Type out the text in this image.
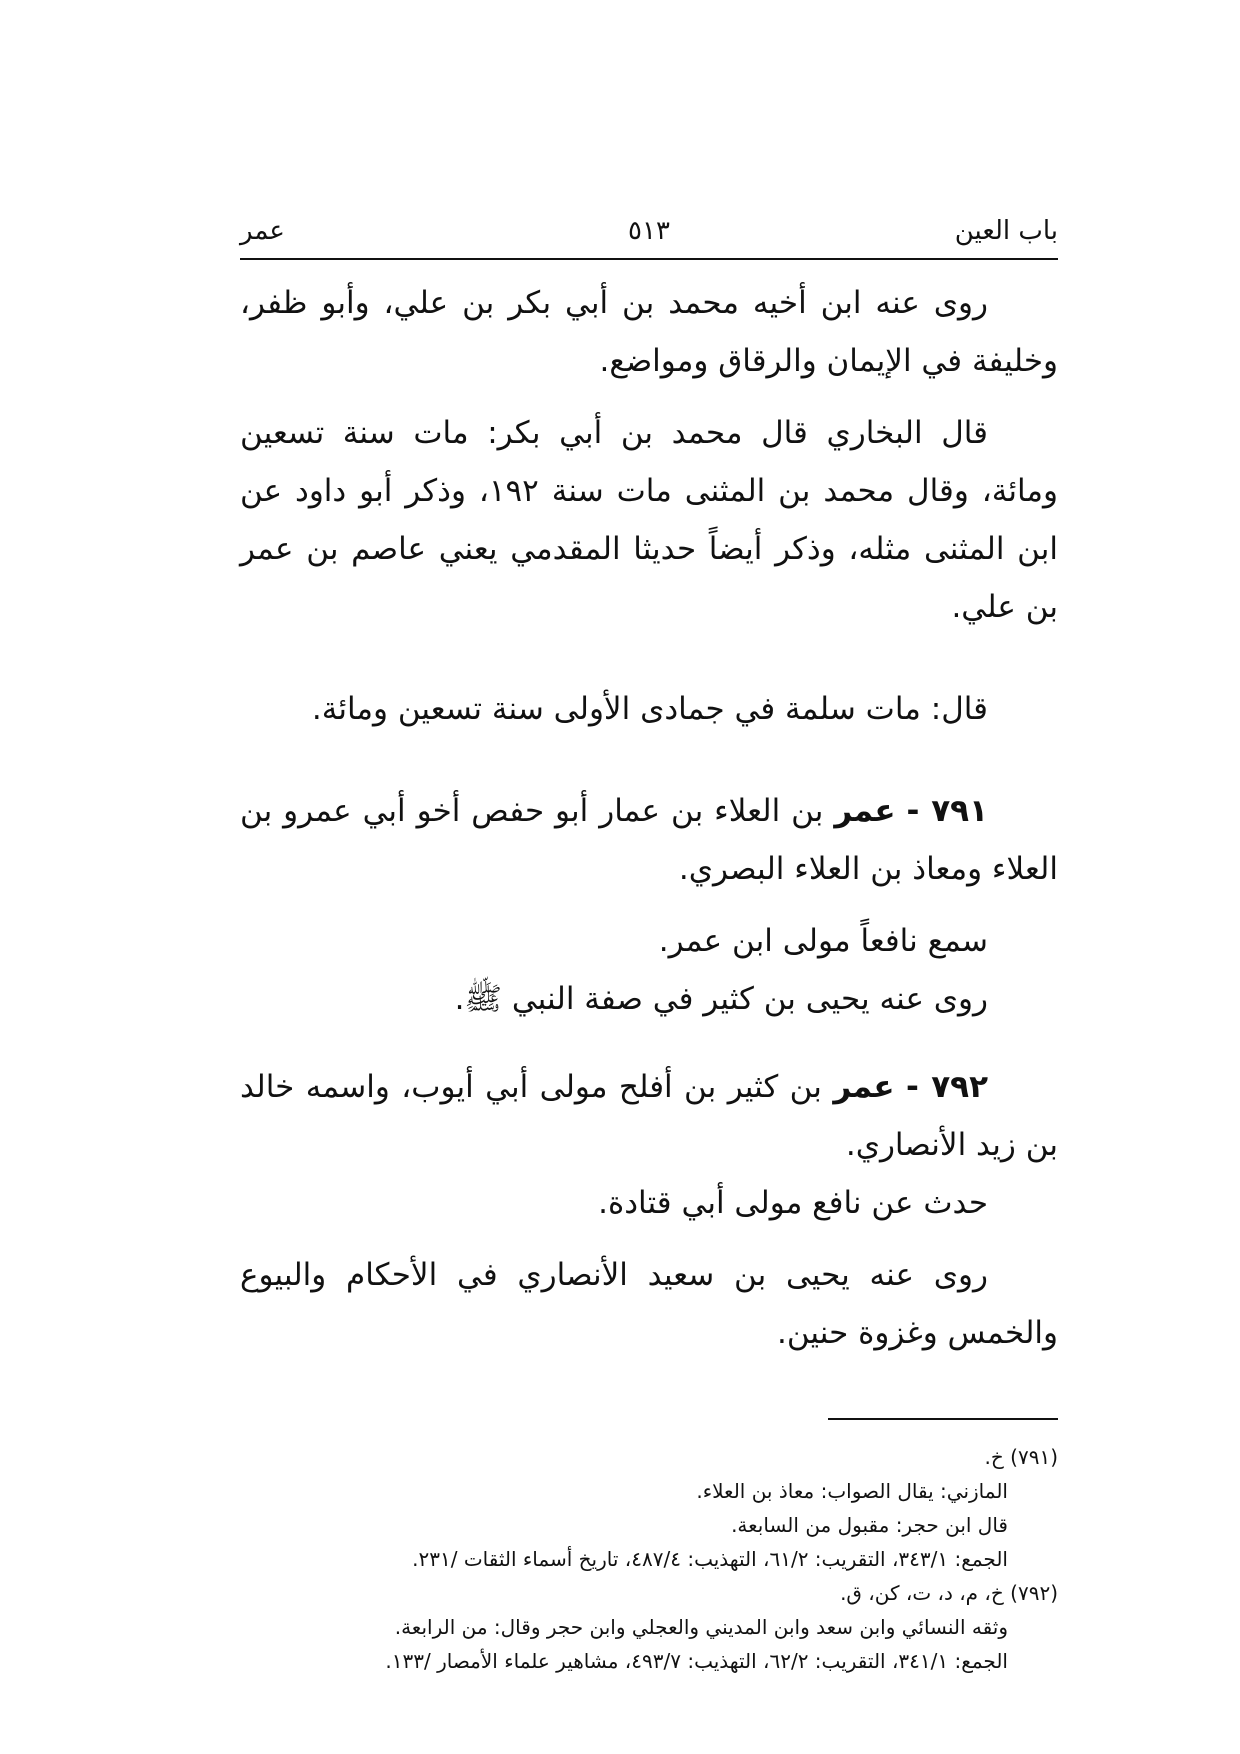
باب العين
٥١٣
عمر

روى عنه ابن أخيه محمد بن أبي بكر بن علي، وأبو ظفر، وخليفة في الإيمان والرقاق ومواضع.

قال البخاري قال محمد بن أبي بكر: مات سنة تسعين ومائة، وقال محمد بن المثنى مات سنة ١٩٢، وذكر أبو داود عن ابن المثنى مثله، وذكر أيضاً حديثا المقدمي يعني عاصم بن عمر بن علي.

قال: مات سلمة في جمادى الأولى سنة تسعين ومائة.

٧٩١ - عمر بن العلاء بن عمار أبو حفص أخو أبي عمرو بن العلاء ومعاذ بن العلاء البصري.

سمع نافعاً مولى ابن عمر.

روى عنه يحيى بن كثير في صفة النبي ﷺ.

٧٩٢ - عمر بن كثير بن أفلح مولى أبي أيوب، واسمه خالد بن زيد الأنصاري.

حدث عن نافع مولى أبي قتادة.

روى عنه يحيى بن سعيد الأنصاري في الأحكام والبيوع والخمس وغزوة حنين.

(٧٩١) خ.

المازني: يقال الصواب: معاذ بن العلاء.

قال ابن حجر: مقبول من السابعة.

الجمع: ٣٤٣/١، التقريب: ٦١/٢، التهذيب: ٤٨٧/٤، تاريخ أسماء الثقات /٢٣١.

(٧٩٢) خ، م، د، ت، كن، ق.

وثقه النسائي وابن سعد وابن المديني والعجلي وابن حجر وقال: من الرابعة.

الجمع: ٣٤١/١، التقريب: ٦٢/٢، التهذيب: ٤٩٣/٧، مشاهير علماء الأمصار /١٣٣.
